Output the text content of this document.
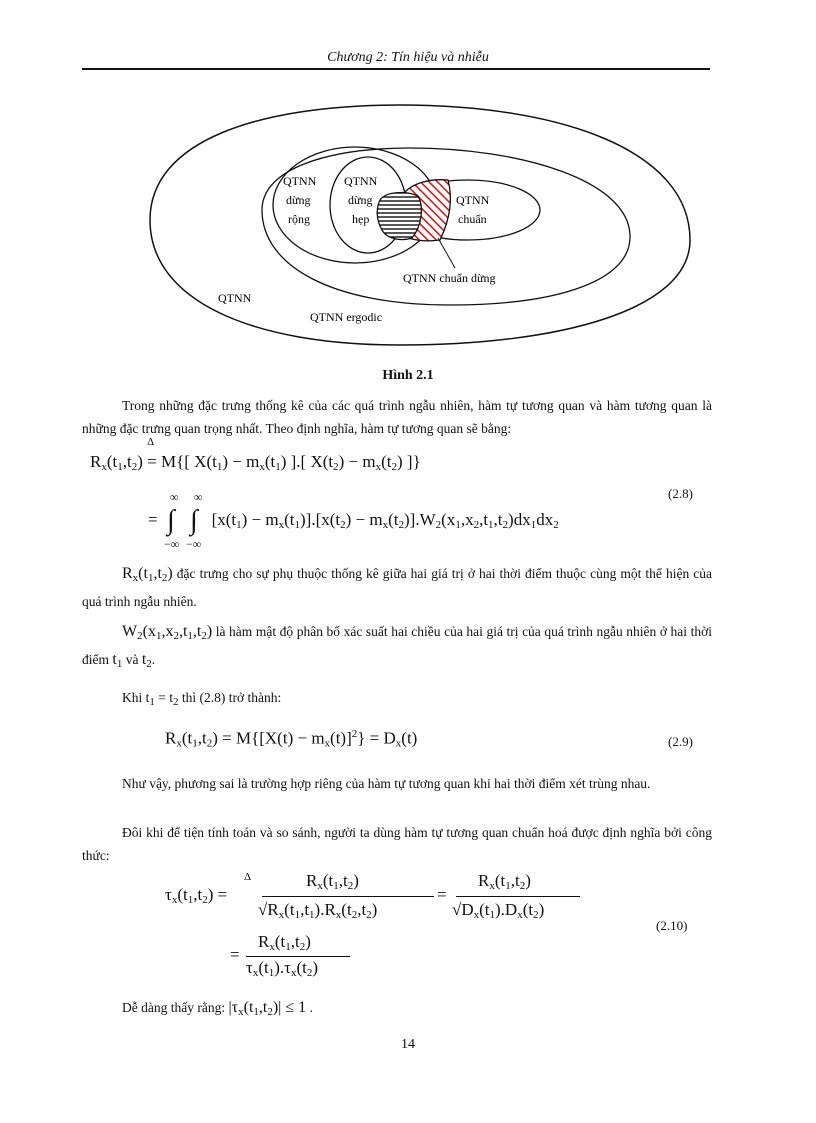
Chương 2: Tín hiệu và nhiễu
QTNN
dừng
rộng
QTNN
dừng
hẹp
QTNN
chuẩn
QTNN chuẩn dừng
QTNN
QTNN ergodic
Hình 2.1
Trong những đặc trưng thống kê của các quá trình ngẫu nhiên, hàm tự tương quan và hàm tương quan là những đặc trưng quan trọng nhất. Theo định nghĩa, hàm tự tương quan sẽ bằng:
$R_x(t_1,t_2)$
Δ
= M{[ $X(t_1) - m_x(t_1)$ ].[ $X(t_2) - m_x(t_2)$ ]}
(2.8)
∞ ∞
∫ ∫
−∞ −∞
=	$[x(t_1) - m_x(t_1)].[x(t_2) - m_x(t_2)].W_2(x_1,x_2,t_1,t_2)dx_1dx_2$
$R_x(t_1,t_2)$ đặc trưng cho sự phụ thuộc thống kê giữa hai giá trị ở hai thời điểm thuộc cùng một thể hiện của quá trình ngẫu nhiên.
$W_2(x_1,x_2,t_1,t_2)$ là hàm mật độ phân bố xác suất hai chiều của hai giá trị của quá trình ngẫu nhiên ở hai thời điểm $t_1$ và $t_2$.
Khi $t_1 = t_2$ thì (2.8) trở thành:
$R_x(t_1,t_2) = M\{[X(t) - m_x(t)]^2\} = D_x(t)$	(2.9)
Như vậy, phương sai là trường hợp riêng của hàm tự tương quan khi hai thời điểm xét trùng nhau.
Đôi khi để tiện tính toán và so sánh, người ta dùng hàm tự tương quan chuẩn hoá được định nghĩa bởi công thức:
$\tau_x(t_1,t_2)$ =
Δ	$R_x(t_1,t_2)$
$√R_x(t_1,t_1).R_x(t_2,t_2)$
=
$R_x(t_1,t_2)$
$√D_x(t_1).D_x(t_2)$
(2.10)
=
$R_x(t_1,t_2)$
$\tau_x(t_1).\tau_x(t_2)$
Dễ dàng thấy rằng: $|\tau_x(t_1,t_2)| \le 1$ .
14
